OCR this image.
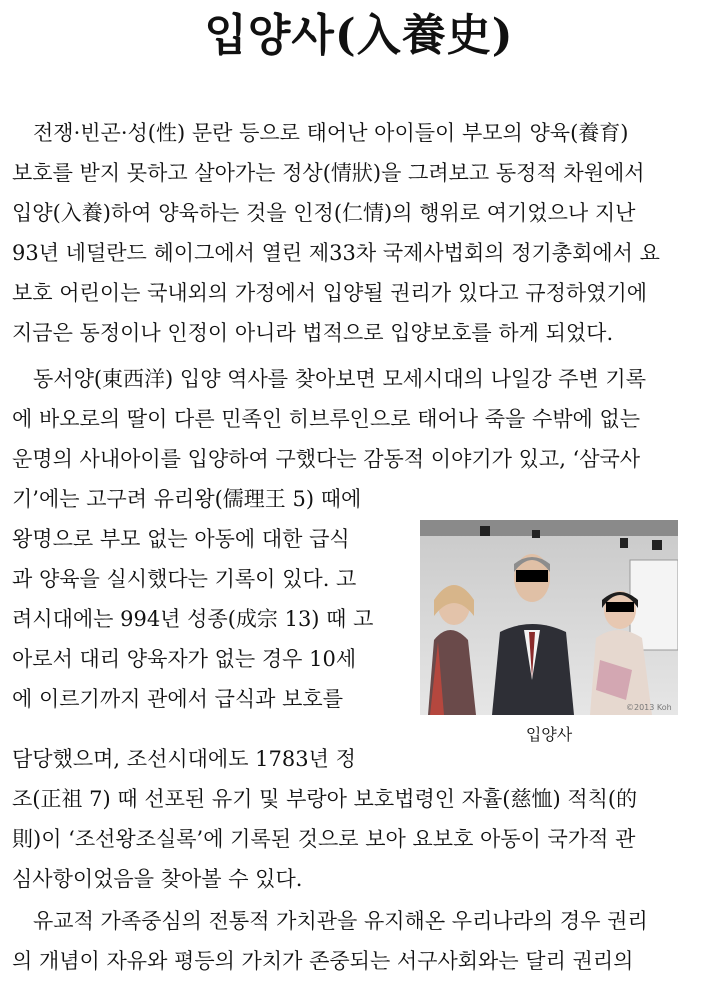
입양사(入養史)
　전쟁·빈곤·성(性) 문란 등으로 태어난 아이들이 부모의 양육(養育)
보호를 받지 못하고 살아가는 정상(情狀)을 그려보고 동정적 차원에서
입양(入養)하여 양육하는 것을 인정(仁情)의 행위로 여기었으나 지난
93년 네덜란드 헤이그에서 열린 제33차 국제사법회의 정기총회에서 요
보호 어린이는 국내외의 가정에서 입양될 권리가 있다고 규정하였기에
지금은 동정이나 인정이 아니라 법적으로 입양보호를 하게 되었다.
　동서양(東西洋) 입양 역사를 찾아보면 모세시대의 나일강 주변 기록
에 바오로의 딸이 다른 민족인 히브루인으로 태어나 죽을 수밖에 없는
운명의 사내아이를 입양하여 구했다는 감동적 이야기가 있고, ‘삼국사
기’에는 고구려 유리왕(儒理王 5) 때에
왕명으로 부모 없는 아동에 대한 급식
과 양육을 실시했다는 기록이 있다. 고
려시대에는 994년 성종(成宗 13) 때 고
아로서 대리 양육자가 없는 경우 10세
에 이르기까지 관에서 급식과 보호를
담당했으며, 조선시대에도 1783년 정
조(正祖 7) 때 선포된 유기 및 부랑아 보호법령인 자휼(慈恤) 적칙(的
則)이 ‘조선왕조실록’에 기록된 것으로 보아 요보호 아동이 국가적 관
심사항이었음을 찾아볼 수 있다.
　유교적 가족중심의 전통적 가치관을 유지해온 우리나라의 경우 권리
의 개념이 자유와 평등의 가치가 존중되는 서구사회와는 달리 권리의
©2013 Koh
입양사
